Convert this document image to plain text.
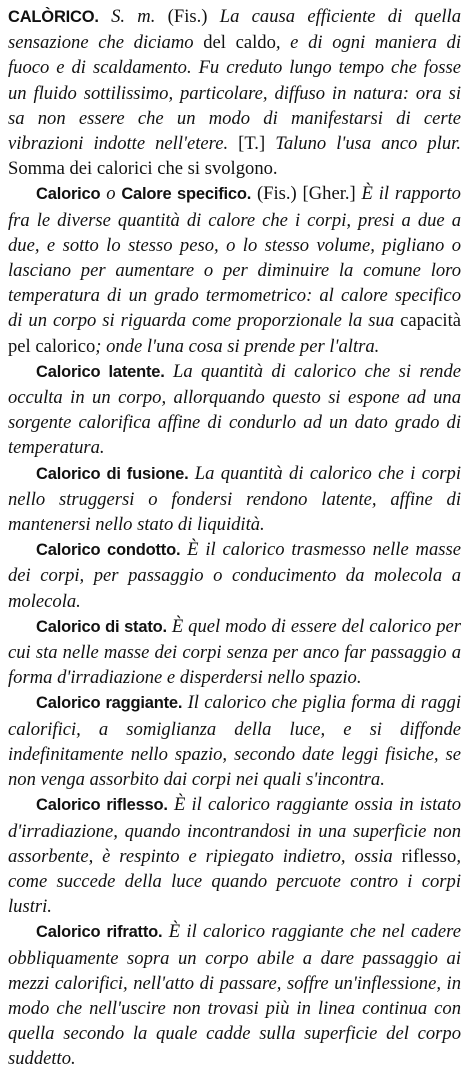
CALÒRICO. S. m. (Fis.) La causa efficiente di quella sensazione che diciamo del caldo, e di ogni maniera di fuoco e di scaldamento. Fu creduto lungo tempo che fosse un fluido sottilissimo, particolare, diffuso in natura: ora si sa non essere che un modo di manifestarsi di certe vibrazioni indotte nell'etere. [T.] Taluno l'usa anco plur. Somma dei calorici che si svolgono.

Calorico o Calore specifico. (Fis.) [Gher.] È il rapporto fra le diverse quantità di calore che i corpi, presi a due a due, e sotto lo stesso peso, o lo stesso volume, pigliano o lasciano per aumentare o per diminuire la comune loro temperatura di un grado termometrico: al calore specifico di un corpo si riguarda come proporzionale la sua capacità pel calorico; onde l'una cosa si prende per l'altra.

Calorico latente. La quantità di calorico che si rende occulta in un corpo, allorquando questo si espone ad una sorgente calorifica affine di condurlo ad un dato grado di temperatura.

Calorico di fusione. La quantità di calorico che i corpi nello struggersi o fondersi rendono latente, affine di mantenersi nello stato di liquidità.

Calorico condotto. È il calorico trasmesso nelle masse dei corpi, per passaggio o conducimento da molecola a molecola.

Calorico di stato. È quel modo di essere del calorico per cui sta nelle masse dei corpi senza per anco far passaggio a forma d'irradiazione e disperdersi nello spazio.

Calorico raggiante. Il calorico che piglia forma di raggi calorifici, a somiglianza della luce, e si diffonde indefinitamente nello spazio, secondo date leggi fisiche, se non venga assorbito dai corpi nei quali s'incontra.

Calorico riflesso. È il calorico raggiante ossia in istato d'irradiazione, quando incontrandosi in una superficie non assorbente, è respinto e ripiegato indietro, ossia riflesso, come succede della luce quando percuote contro i corpi lustri.

Calorico rifratto. È il calorico raggiante che nel cadere obbliquamente sopra un corpo abile a dare passaggio ai mezzi calorifici, nell'atto di passare, soffre un'inflessione, in modo che nell'uscire non trovasi più in linea continua con quella secondo la quale cadde sulla superficie del corpo suddetto.
